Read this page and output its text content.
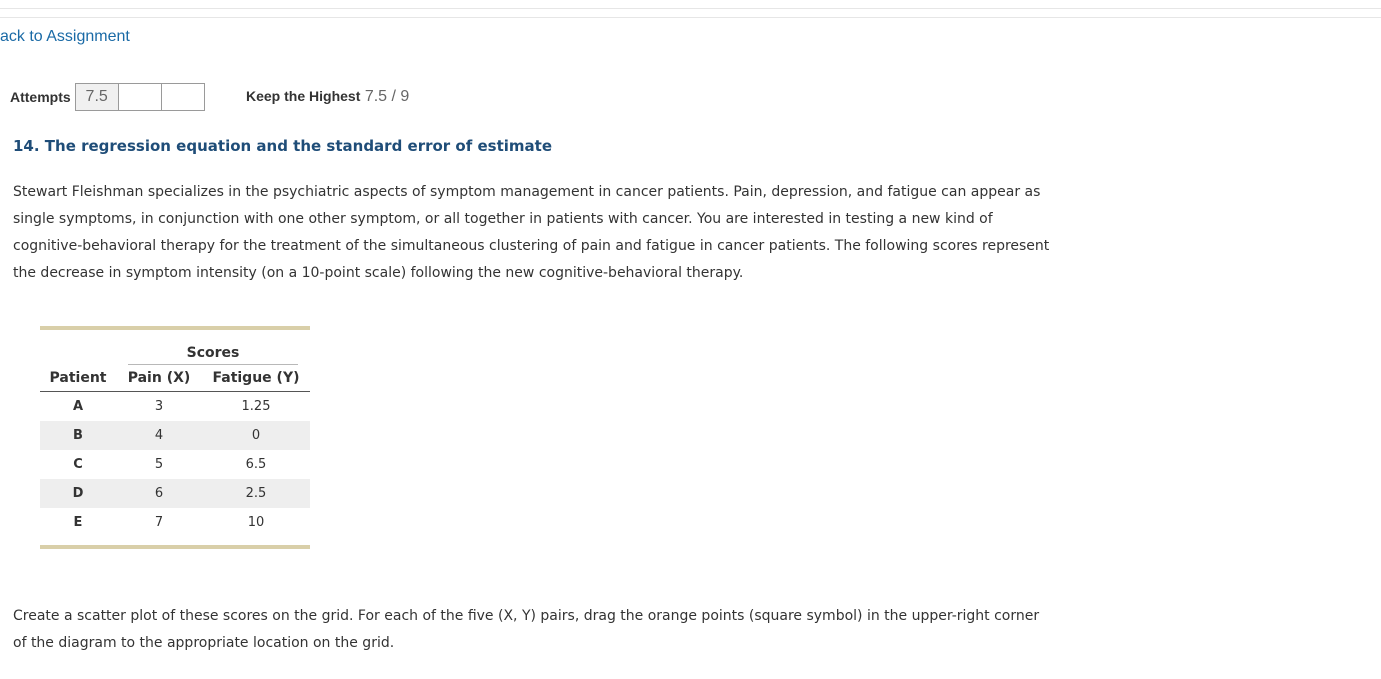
ack to Assignment
Attempts 7.5	Keep the Highest 7.5 / 9
14. The regression equation and the standard error of estimate
Stewart Fleishman specializes in the psychiatric aspects of symptom management in cancer patients. Pain, depression, and fatigue can appear as single symptoms, in conjunction with one other symptom, or all together in patients with cancer. You are interested in testing a new kind of cognitive-behavioral therapy for the treatment of the simultaneous clustering of pain and fatigue in cancer patients. The following scores represent the decrease in symptom intensity (on a 10-point scale) following the new cognitive-behavioral therapy.
	Scores	
Patient	Pain (X)	Fatigue (Y)
A	3	1.25
B	4	0
C	5	6.5
D	6	2.5
E	7	10
Create a scatter plot of these scores on the grid. For each of the five (X, Y) pairs, drag the orange points (square symbol) in the upper-right corner of the diagram to the appropriate location on the grid.
